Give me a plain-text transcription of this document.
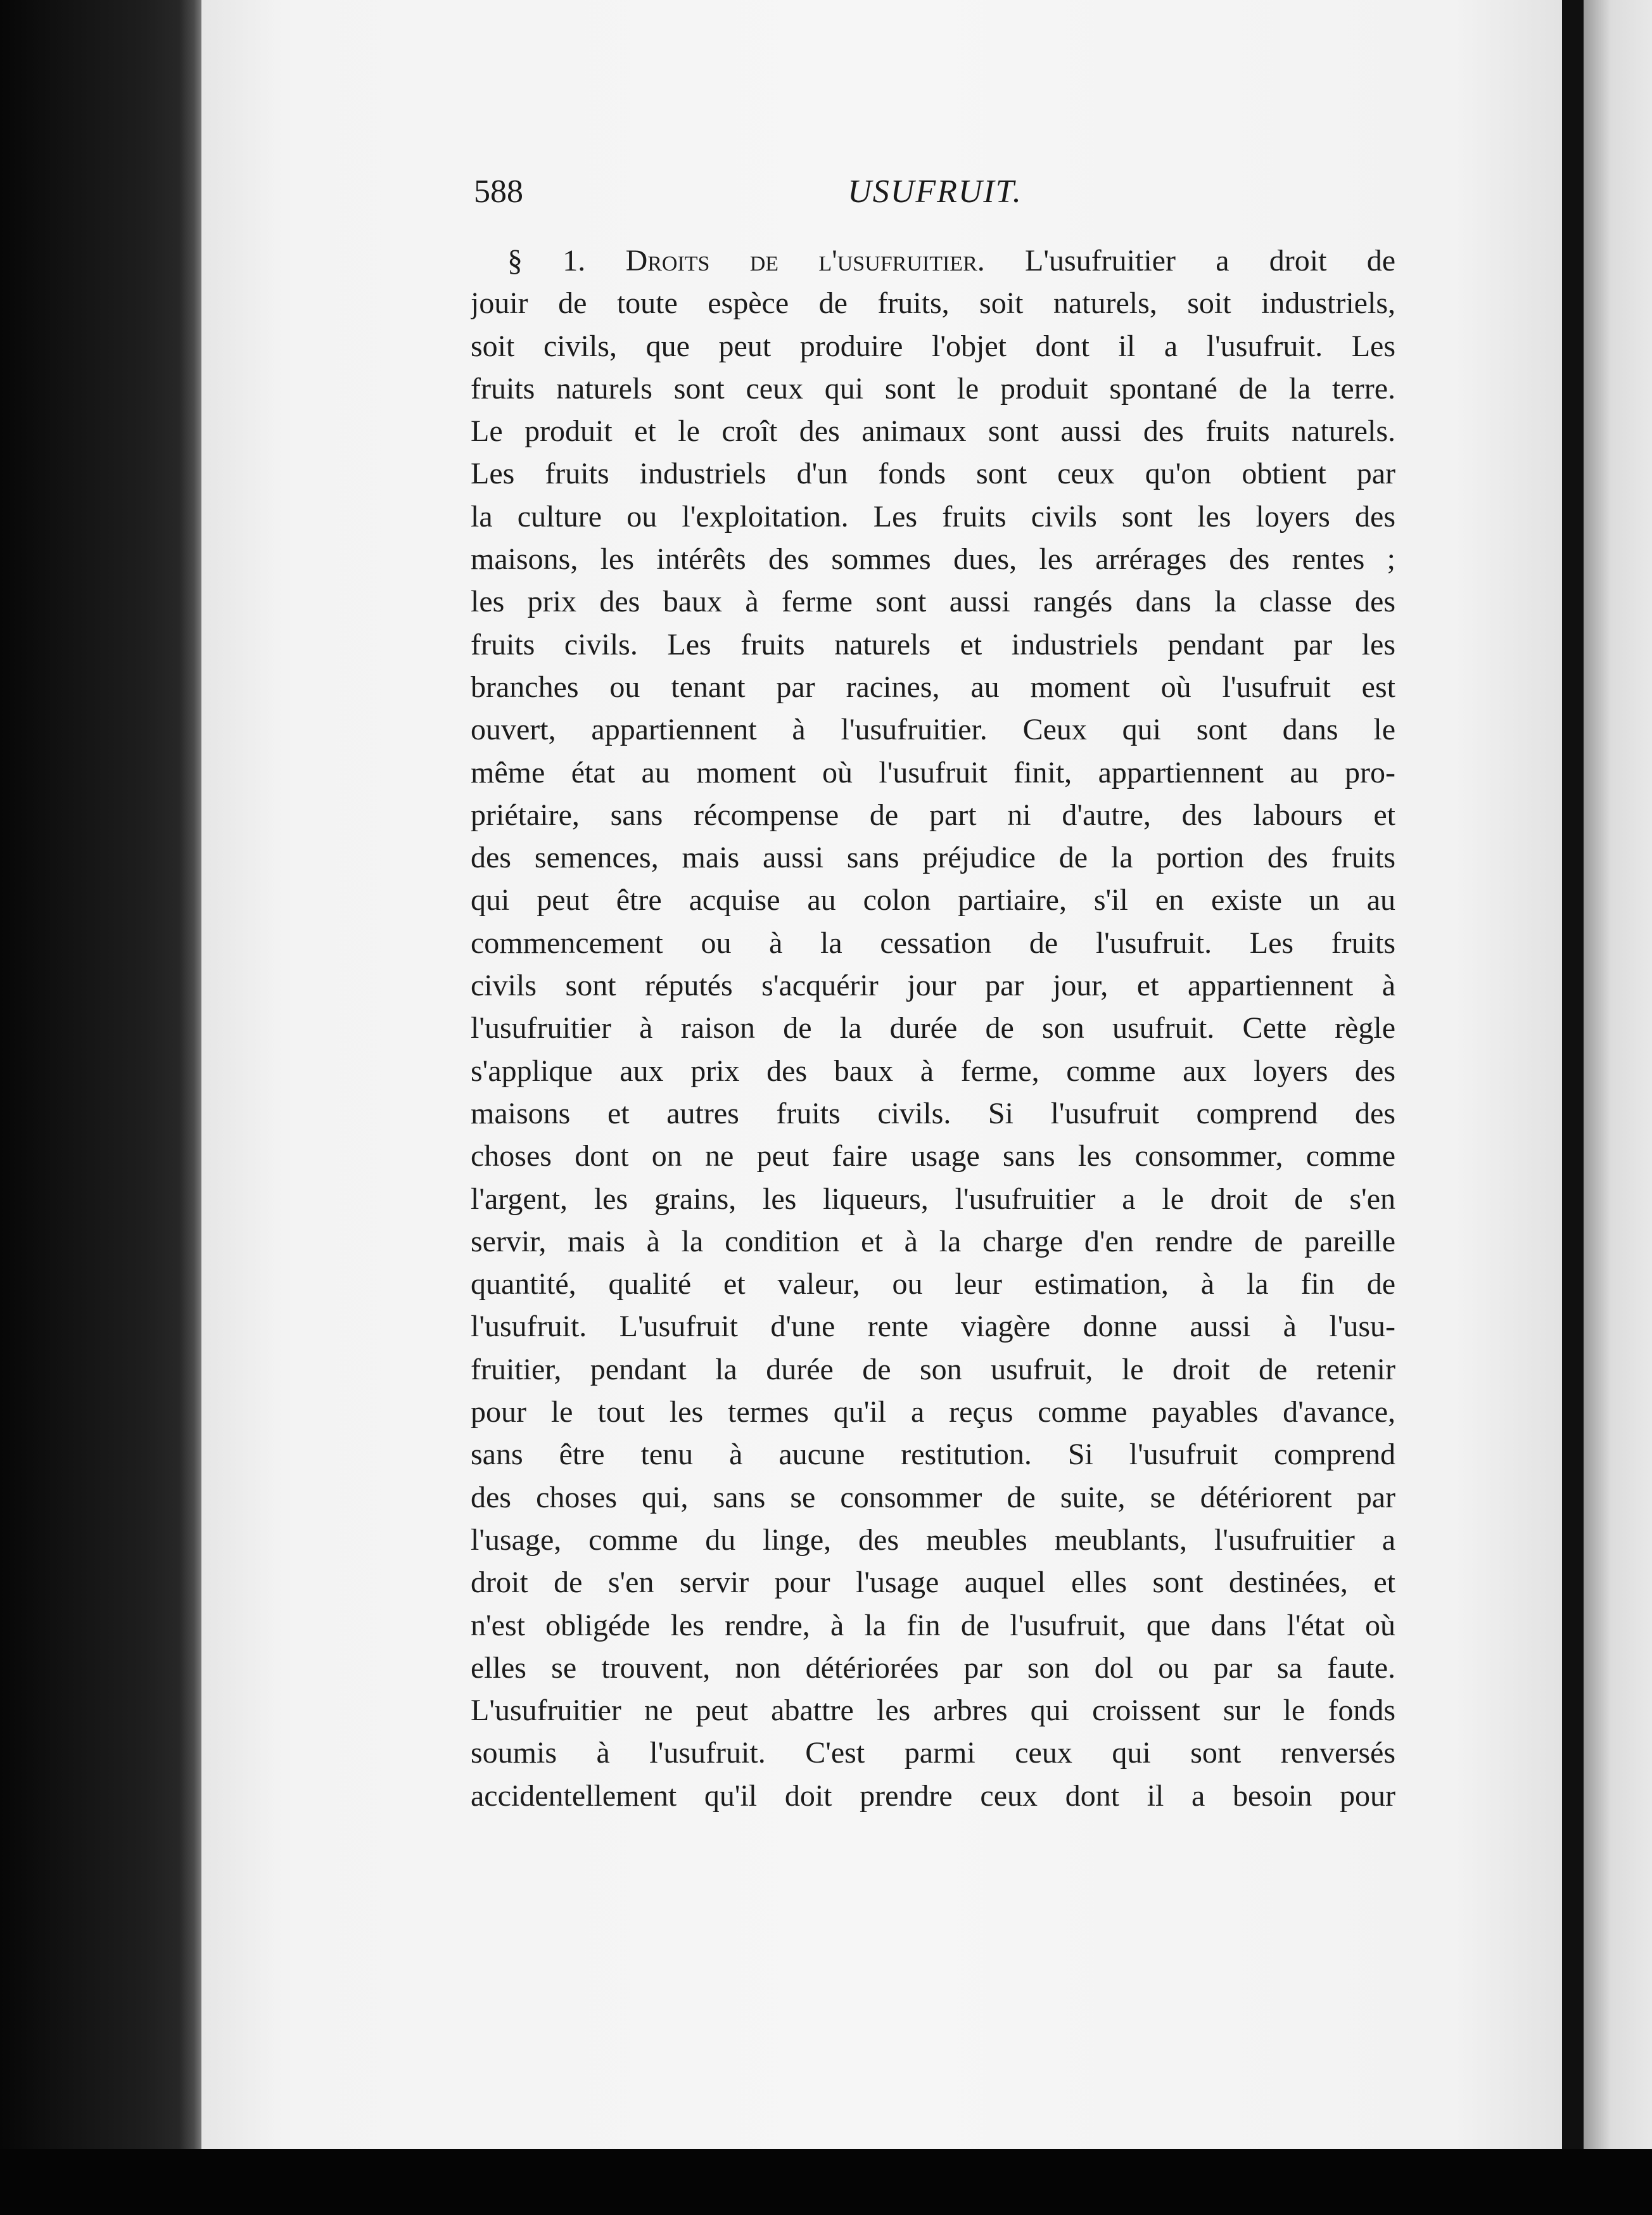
588	USUFRUIT.
§ 1. Droits de l'usufruitier. L'usufruitier a droit de
jouir de toute espèce de fruits, soit naturels, soit industriels,
soit civils, que peut produire l'objet dont il a l'usufruit. Les
fruits naturels sont ceux qui sont le produit spontané de la terre.
Le produit et le croît des animaux sont aussi des fruits naturels.
Les fruits industriels d'un fonds sont ceux qu'on obtient par
la culture ou l'exploitation. Les fruits civils sont les loyers des
maisons, les intérêts des sommes dues, les arrérages des rentes ;
les prix des baux à ferme sont aussi rangés dans la classe des
fruits civils. Les fruits naturels et industriels pendant par les
branches ou tenant par racines, au moment où l'usufruit est
ouvert, appartiennent à l'usufruitier. Ceux qui sont dans le
même état au moment où l'usufruit finit, appartiennent au pro-
priétaire, sans récompense de part ni d'autre, des labours et
des semences, mais aussi sans préjudice de la portion des fruits
qui peut être acquise au colon partiaire, s'il en existe un au
commencement ou à la cessation de l'usufruit. Les fruits
civils sont réputés s'acquérir jour par jour, et appartiennent à
l'usufruitier à raison de la durée de son usufruit. Cette règle
s'applique aux prix des baux à ferme, comme aux loyers des
maisons et autres fruits civils. Si l'usufruit comprend des
choses dont on ne peut faire usage sans les consommer, comme
l'argent, les grains, les liqueurs, l'usufruitier a le droit de s'en
servir, mais à la condition et à la charge d'en rendre de pareille
quantité, qualité et valeur, ou leur estimation, à la fin de
l'usufruit. L'usufruit d'une rente viagère donne aussi à l'usu-
fruitier, pendant la durée de son usufruit, le droit de retenir
pour le tout les termes qu'il a reçus comme payables d'avance,
sans être tenu à aucune restitution. Si l'usufruit comprend
des choses qui, sans se consommer de suite, se détériorent par
l'usage, comme du linge, des meubles meublants, l'usufruitier a
droit de s'en servir pour l'usage auquel elles sont destinées, et
n'est obligéde les rendre, à la fin de l'usufruit, que dans l'état où
elles se trouvent, non détériorées par son dol ou par sa faute.
L'usufruitier ne peut abattre les arbres qui croissent sur le fonds
soumis à l'usufruit. C'est parmi ceux qui sont renversés
accidentellement qu'il doit prendre ceux dont il a besoin pour
